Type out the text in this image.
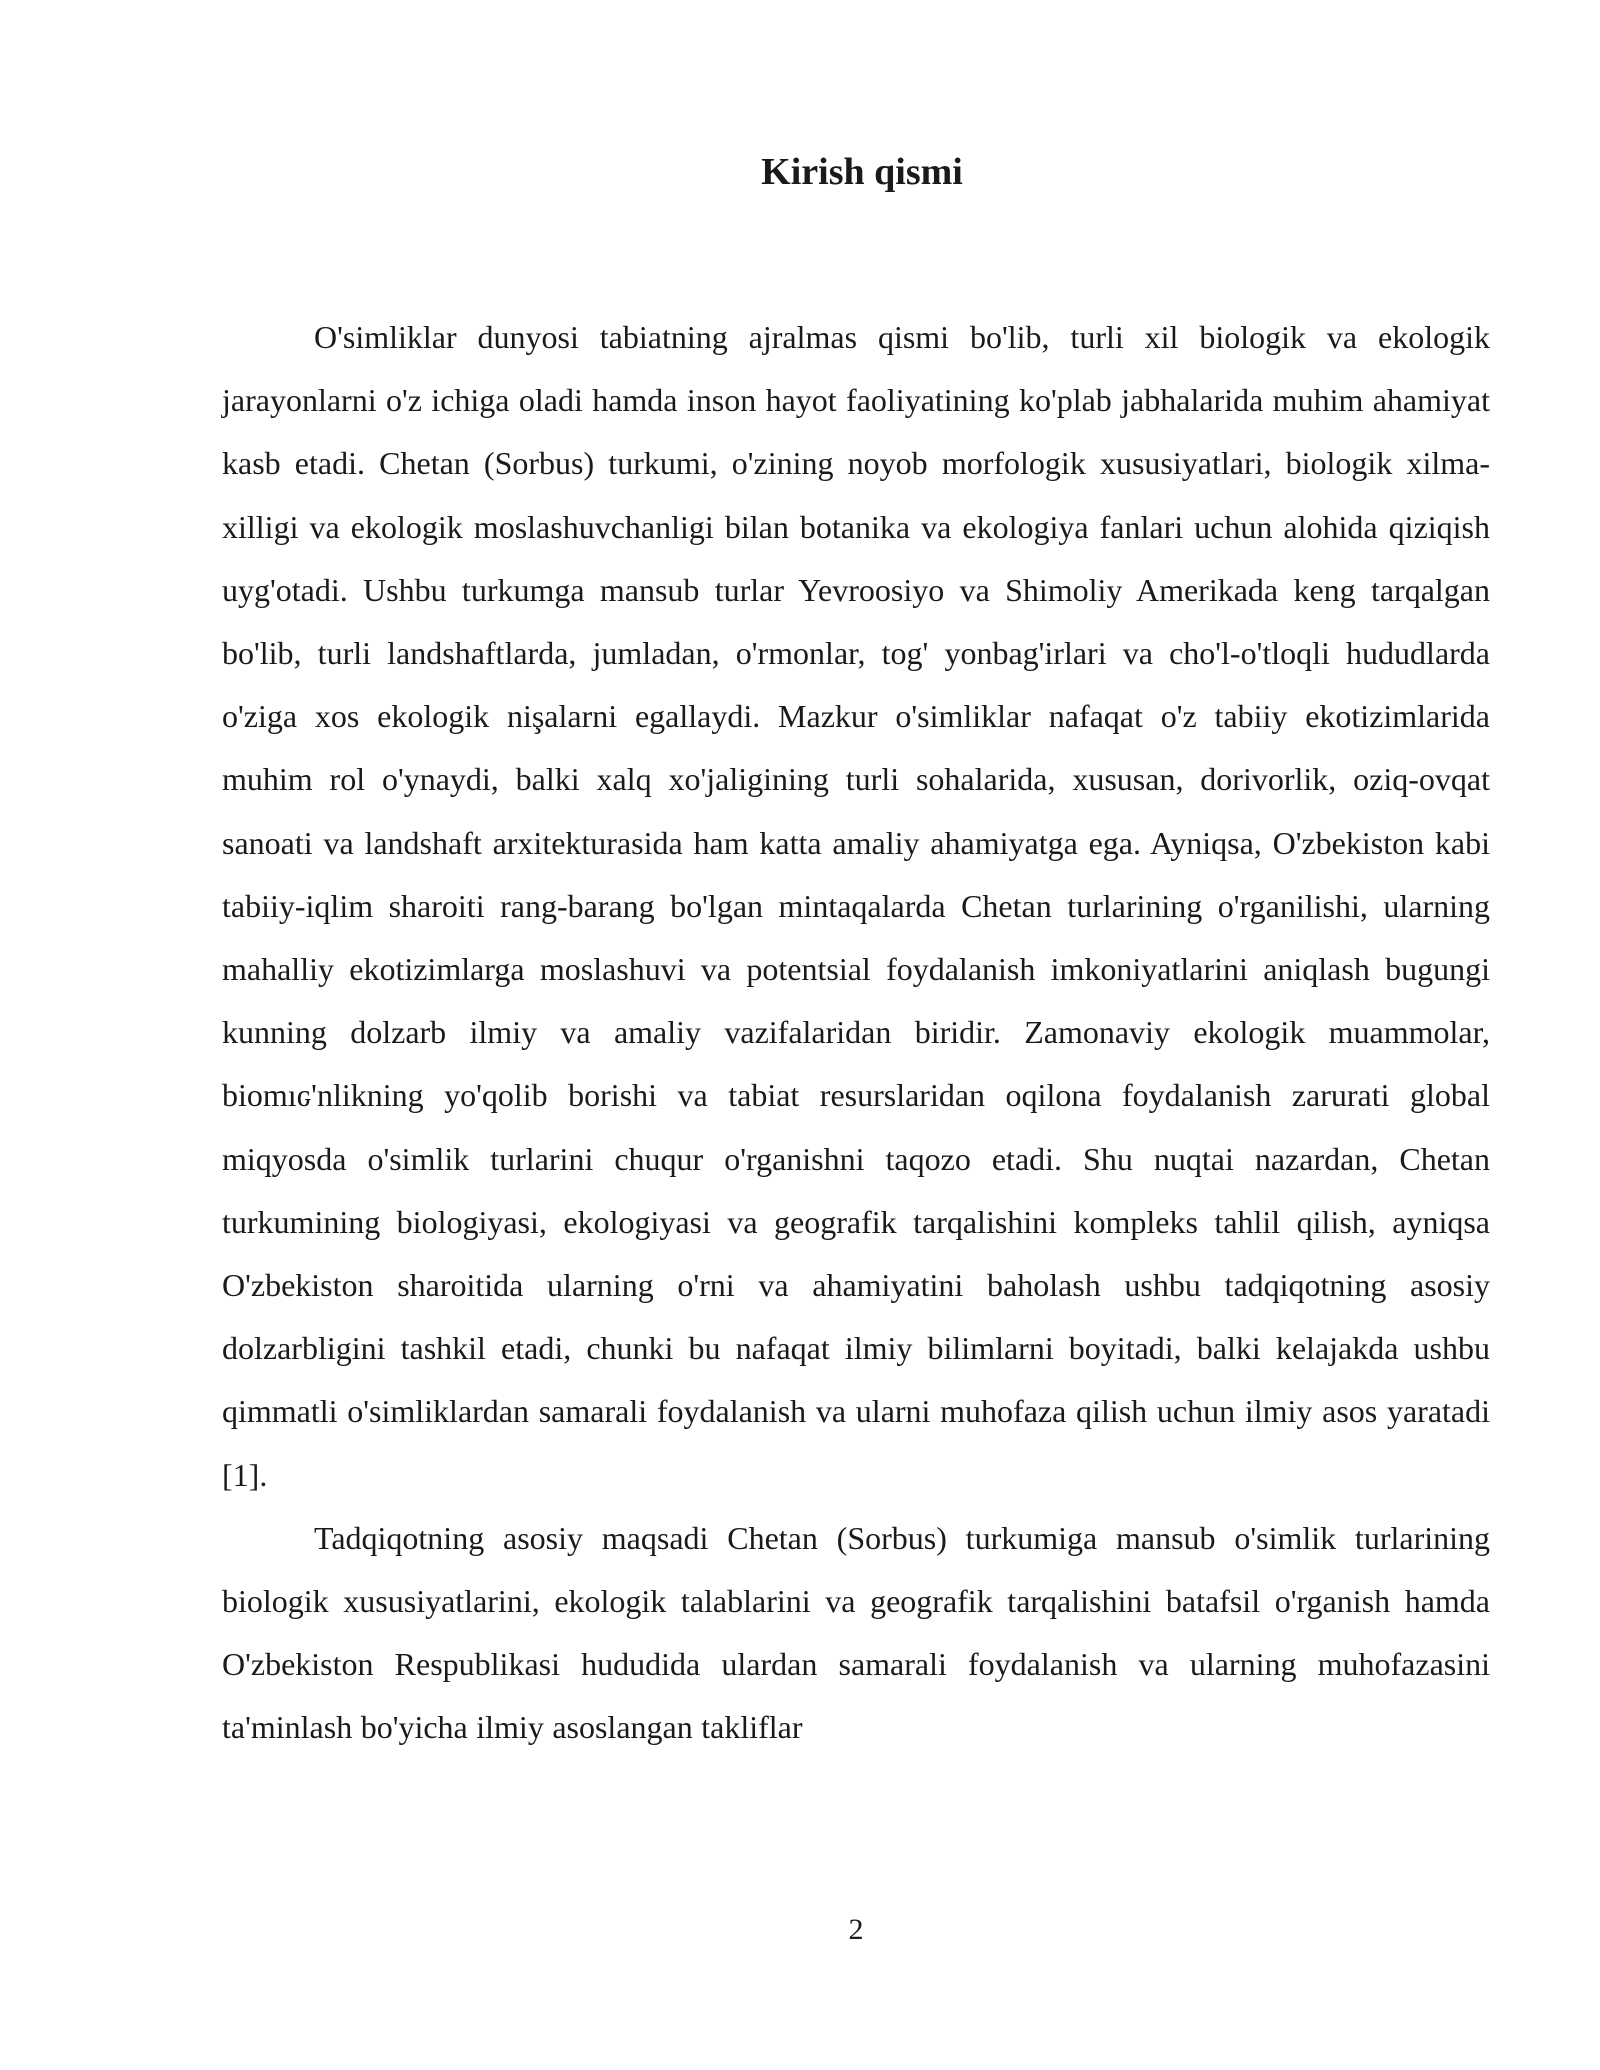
Kirish qismi

O'simliklar dunyosi tabiatning ajralmas qismi bo'lib, turli xil biologik va ekologik jarayonlarni o'z ichiga oladi hamda inson hayot faoliyatining ko'plab jabhalarida muhim ahamiyat kasb etadi. Chetan (Sorbus) turkumi, o'zining noyob morfologik xususiyatlari, biologik xilma-xilligi va ekologik moslashuvchanligi bilan botanika va ekologiya fanlari uchun alohida qiziqish uyg'otadi. Ushbu turkumga mansub turlar Yevroosiyo va Shimoliy Amerikada keng tarqalgan bo'lib, turli landshaftlarda, jumladan, o'rmonlar, tog' yonbag'irlari va cho'l-o'tloqli hududlarda o'ziga xos ekologik nişalarni egallaydi. Mazkur o'simliklar nafaqat o'z tabiiy ekotizimlarida muhim rol o'ynaydi, balki xalq xo'jaligining turli sohalarida, xususan, dorivorlik, oziq-ovqat sanoati va landshaft arxitekturasida ham katta amaliy ahamiyatga ega. Ayniqsa, O'zbekiston kabi tabiiy-iqlim sharoiti rang-barang bo'lgan mintaqalarda Chetan turlarining o'rganilishi, ularning mahalliy ekotizimlarga moslashuvi va potentsial foydalanish imkoniyatlarini aniqlash bugungi kunning dolzarb ilmiy va amaliy vazifalaridan biridir. Zamonaviy ekologik muammolar, biomıԍ'nlikning yo'qolib borishi va tabiat resurslaridan oqilona foydalanish zarurati global miqyosda o'simlik turlarini chuqur o'rganishni taqozo etadi. Shu nuqtai nazardan, Chetan turkumining biologiyasi, ekologiyasi va geografik tarqalishini kompleks tahlil qilish, ayniqsa O'zbekiston sharoitida ularning o'rni va ahamiyatini baholash ushbu tadqiqotning asosiy dolzarbligini tashkil etadi, chunki bu nafaqat ilmiy bilimlarni boyitadi, balki kelajakda ushbu qimmatli o'simliklardan samarali foydalanish va ularni muhofaza qilish uchun ilmiy asos yaratadi [1].

Tadqiqotning asosiy maqsadi Chetan (Sorbus) turkumiga mansub o'simlik turlarining biologik xususiyatlarini, ekologik talablarini va geografik tarqalishini batafsil o'rganish hamda O'zbekiston Respublikasi hududida ulardan samarali foydalanish va ularning muhofazasini ta'minlash bo'yicha ilmiy asoslangan takliflar

2
